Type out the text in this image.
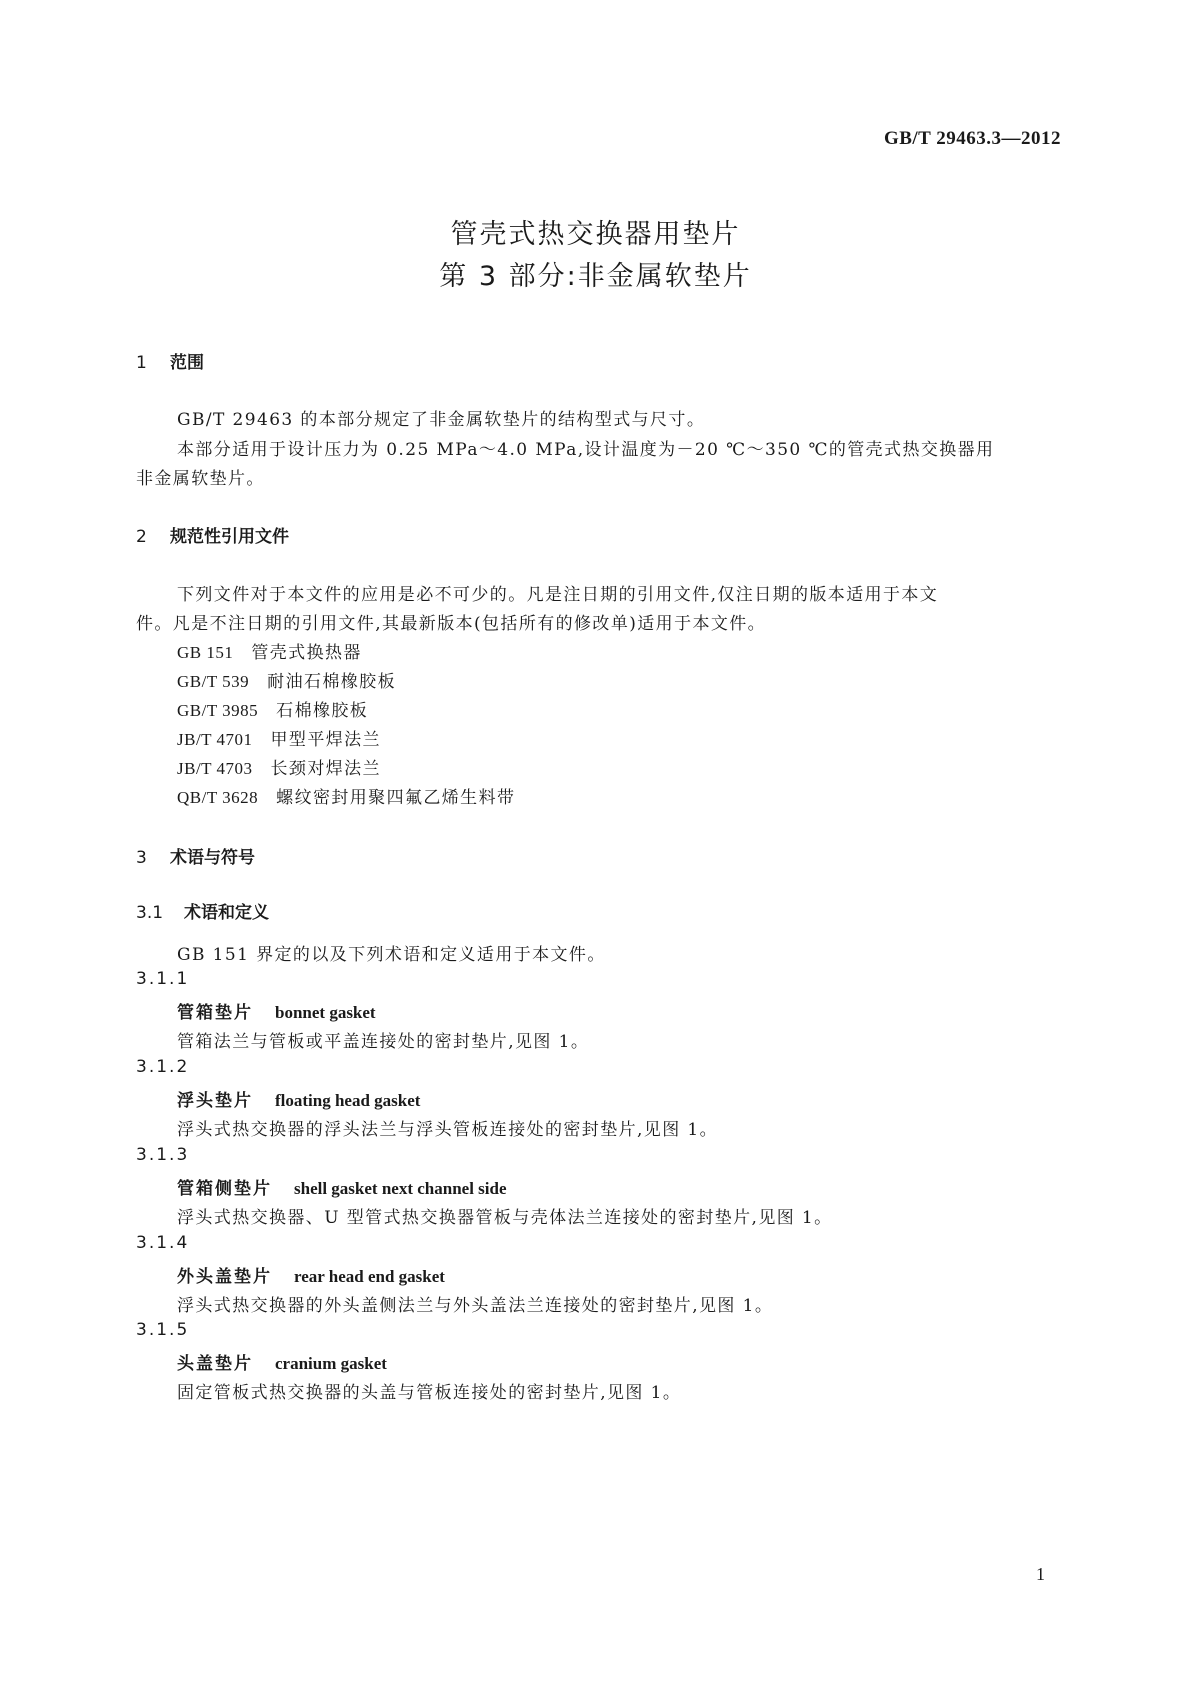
GB/T 29463.3—2012
管壳式热交换器用垫片
第 3 部分:非金属软垫片
1 范围
GB/T 29463 的本部分规定了非金属软垫片的结构型式与尺寸。
本部分适用于设计压力为 0.25 MPa～4.0 MPa,设计温度为－20 ℃～350 ℃的管壳式热交换器用
非金属软垫片。
2 规范性引用文件
下列文件对于本文件的应用是必不可少的。凡是注日期的引用文件,仅注日期的版本适用于本文
件。凡是不注日期的引用文件,其最新版本(包括所有的修改单)适用于本文件。
GB 151 管壳式换热器
GB/T 539 耐油石棉橡胶板
GB/T 3985 石棉橡胶板
JB/T 4701 甲型平焊法兰
JB/T 4703 长颈对焊法兰
QB/T 3628 螺纹密封用聚四氟乙烯生料带
3 术语与符号
3.1 术语和定义
GB 151 界定的以及下列术语和定义适用于本文件。
3.1.1
管箱垫片 bonnet gasket
管箱法兰与管板或平盖连接处的密封垫片,见图 1。
3.1.2
浮头垫片 floating head gasket
浮头式热交换器的浮头法兰与浮头管板连接处的密封垫片,见图 1。
3.1.3
管箱侧垫片 shell gasket next channel side
浮头式热交换器、U 型管式热交换器管板与壳体法兰连接处的密封垫片,见图 1。
3.1.4
外头盖垫片 rear head end gasket
浮头式热交换器的外头盖侧法兰与外头盖法兰连接处的密封垫片,见图 1。
3.1.5
头盖垫片 cranium gasket
固定管板式热交换器的头盖与管板连接处的密封垫片,见图 1。
1
